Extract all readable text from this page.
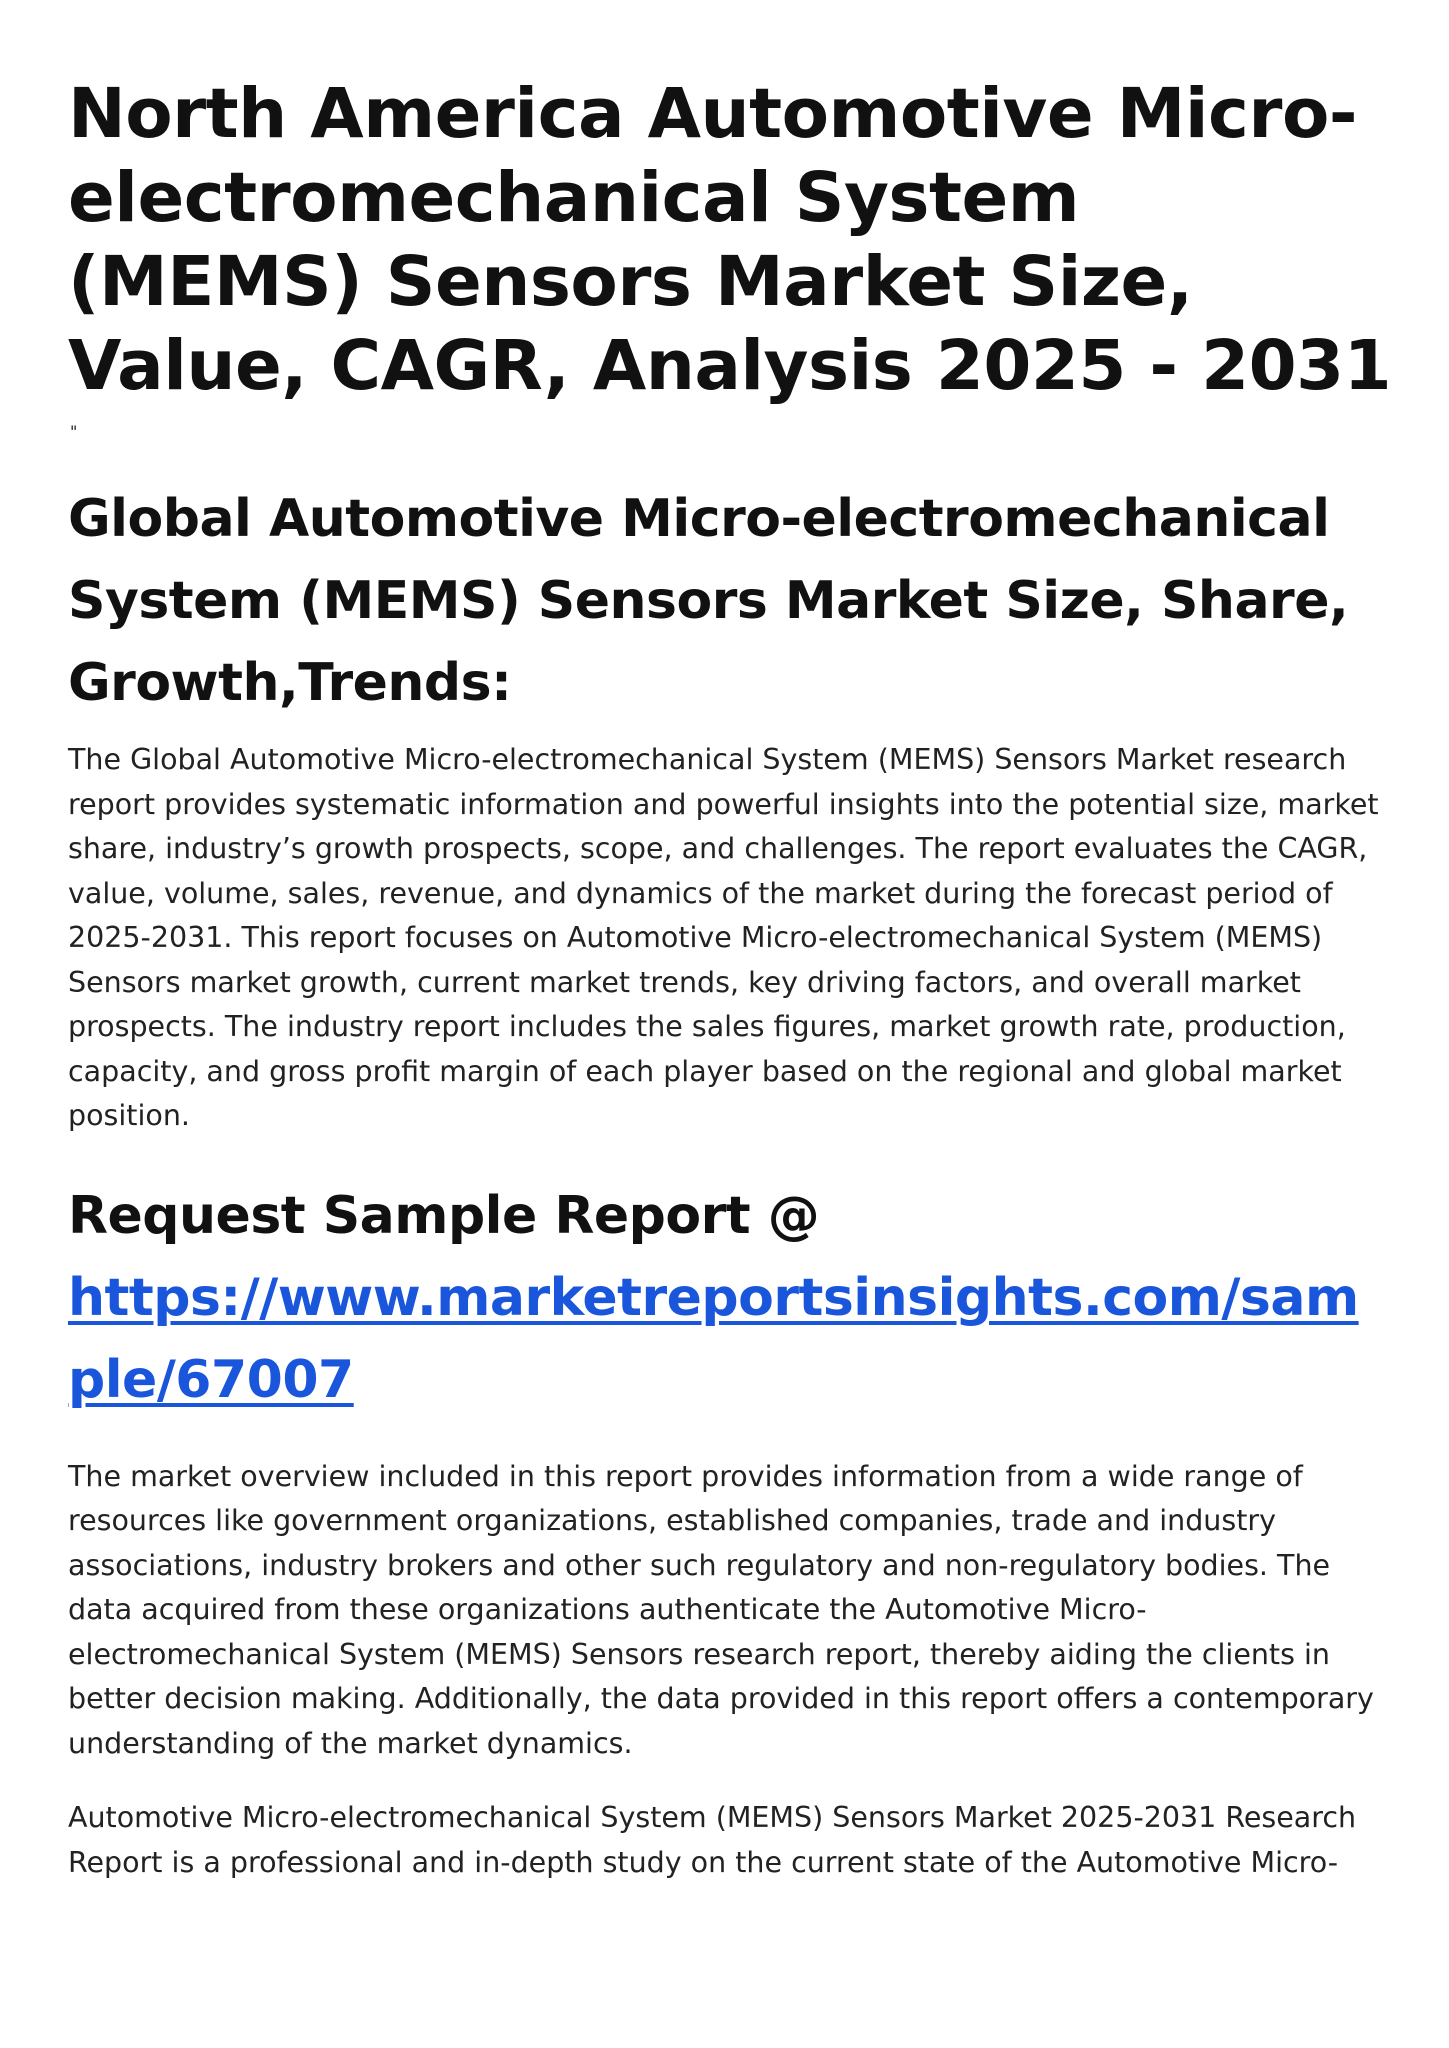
North America Automotive Micro-electromechanical System (MEMS) Sensors Market Size, Value, CAGR, Analysis 2025 - 2031
"
Global Automotive Micro-electromechanical System (MEMS) Sensors Market Size, Share, Growth,Trends:

The Global Automotive Micro-electromechanical System (MEMS) Sensors Market research report provides systematic information and powerful insights into the potential size, market share, industry’s growth prospects, scope, and challenges. The report evaluates the CAGR, value, volume, sales, revenue, and dynamics of the market during the forecast period of 2025-2031. This report focuses on Automotive Micro-electromechanical System (MEMS) Sensors market growth, current market trends, key driving factors, and overall market prospects. The industry report includes the sales figures, market growth rate, production, capacity, and gross profit margin of each player based on the regional and global market position.

Request Sample Report @
https://www.marketreportsinsights.com/sample/67007

The market overview included in this report provides information from a wide range of resources like government organizations, established companies, trade and industry associations, industry brokers and other such regulatory and non-regulatory bodies. The data acquired from these organizations authenticate the Automotive Micro-electromechanical System (MEMS) Sensors research report, thereby aiding the clients in better decision making. Additionally, the data provided in this report offers a contemporary understanding of the market dynamics.

Automotive Micro-electromechanical System (MEMS) Sensors Market 2025-2031 Research Report is a professional and in-depth study on the current state of the Automotive Micro-
